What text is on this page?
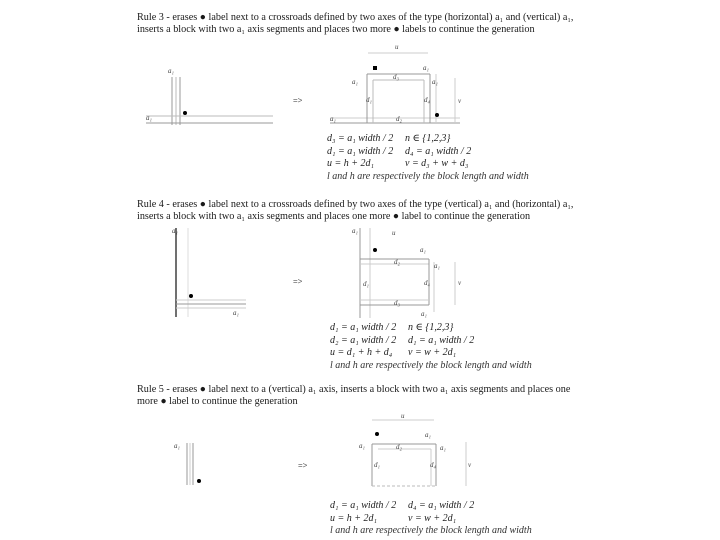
Rule 3 - erases ● label next to a crossroads defined by two axes of the type (horizontal) a₁ and (vertical) a₁,
inserts a block with two a₁ axis segments and places two more ● labels to continue the generation
Rule 4 - erases ● label next to a crossroads defined by two axes of the type (vertical) a₁ and (horizontal) a₁,
inserts a block with two a₁ axis segments and places one more ● label to continue the generation
Rule 5 - erases ● label next to a (vertical) a₁ axis, inserts a block with two a₁ axis segments and places one
more ● label to continue the generation
=>
=>
=>
a₁
a₁
u
a₁
a₁	a₁
a₁
d₃
d₁	d₄
d₂
v
a₁
a₁
a₁	u
a₁
a₁
d₂
d₁	d₄
d₃
a₁
v
a₁
u
a₁
a₁	a₁
d₂
d₁	d₄	v
d₃ = a₁ width / 2	n ∈ {1,2,3}
d₁ = a₁ width / 2	d₄ = a₁ width / 2
u = h + 2d₁	v = d₃ + w + d₃
l and h are respectively the block length and width
d₁ = a₁ width / 2	n ∈ {1,2,3}
d₂ = a₁ width / 2	d₁ = a₁ width / 2
u = d₁ + h + d₄	v = w + 2d₁
l and h are respectively the block length and width
d₁ = a₁ width / 2	d₄ = a₁ width / 2
u = h + 2d₁	v = w + 2d₁
l and h are respectively the block length and width
